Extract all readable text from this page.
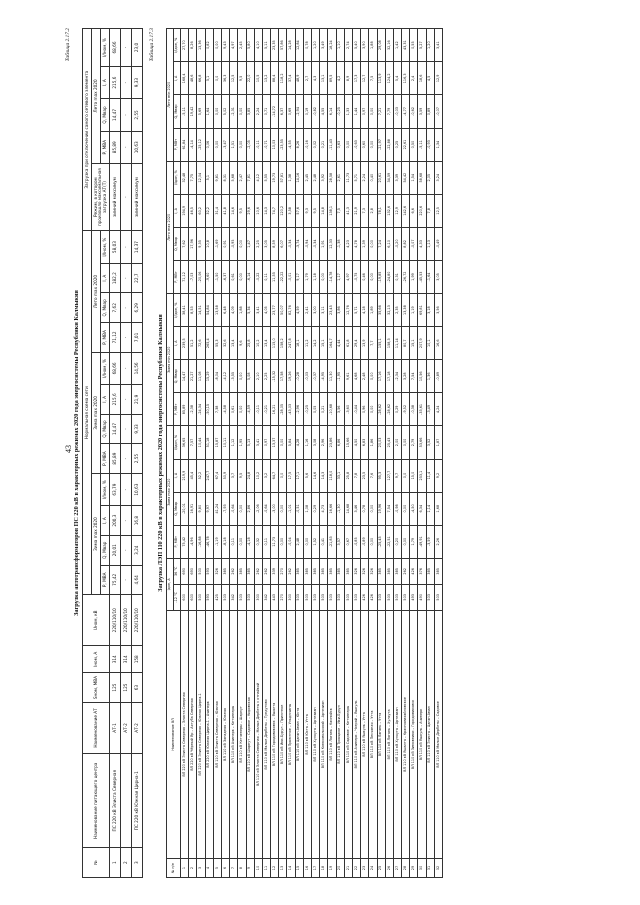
43
Таблица 2.17.2
Загрузка автотрансформаторов ПС 220 кВ в характерных режимах 2020 года энергосистемы Республики Калмыкия
№	Наименование питающего центра	Наименование АТ	Sном, МВА	Iном, А	Uном, кВ	Нормальная схема сети												Загрузка при отключении самого сетевого элемента				
						Зима max 2020				Зима max 2020				Лето max 2020				Режим, в котором произошло максимальная загрузка АТ(Т)	Лето max 2020			
						P, МВА	Q, Мвар	I, А	I/Iном, %	P, МВА	Q, Мвар	I, А	I/Iном, %	P, МВА	Q, Мвар	I, А	I/Iном, %		P, МВА	Q, Мвар	I, А	I/Iном, %
1	ПС 220 кВ Элиста Северная	АТ-1	125	314	220/110/10	75,42	20,01	200,3	63,79	85,89	14,47	215,6	68,66	71,12	7,62	182,2	58,03	зимний максимум	85,89	14,47	215,6	68,66
2		АТ-2	125	314	220/110/10	-	-	-	-	-	-	-	-	-	-	-	-	-	-	-	-	-
3	ПС 220 кВ Южная Цирна-1	АТ-2	63	158	220/110/10	4,64	3,24	16,8	10,63	2,55	9,33	21,9	14,56	7,01	6,29	22,7	14,37	зимний максимум	10,63	2,55	9,33	23,0 Таблица 2.17.3
Загрузка ЛЭП 110 220 кВ в характерных режимах 2020 года энергосистемы Республики Калмыкия
№ п/п	Наименование ВЛ	Iдоп, А		Зима max 2020				Зима min 2020				Лето max 2020				Лето min 2020			
		-12 °С	36 °С	P, МВт	Q, Мвар	I, А	I/Iдоп, %	P, МВт	Q, Мвар	I, А	I/Iдоп, %	P, МВт	Q, Мвар	I, А	I/Iдоп, %	P, МВт	Q, Мвар	I, А	I/Iдоп, %

1	ВЛ 220 кВ Элиста Северная – Элиста Северная	600	690	75,42	-20,01	219,9	36,65	85,89	14,47	239,5	38,41	71,12	7,62	194,9	32,48	61,84	-5,11	168,4	27,70
2	ВЛ 220 кВ Чёрный Яр – Ахтуба Северная	600	690	-4,96	16,91	45,4	7,57	-2,38	21,27	51,2	8,53	-7,03	17,96	46,5	7,75	-4,14	19,42	48,6	8,26
3	ВЛ 220 кВ Элиста Северная – Южная Цирна-1	500	500	-16,88	9,80	52,2	10,44	-24,34	11,08	72,6	14,51	-20,06	9,35	60,2	12,04	-25,12	5,69	66,8	13,36
4	ВЛ 220 кВ Южная Цирна-1 – Ачинерк	593	593	-46,78	9,97	247,7	51,18	-50,15	15,29	265,4	54,84	-9,60	10,8	32,2	5,1	0,06	1,64	5,1	0,82
5	ВЛ 110 кВ Элиста Северная – Южная	425	326	-1,19	41,24	67,4	15,87	7,38	-8,04	55,3	13,58	-1,50	-1,69	31,4	9,81	0,00	0,00	0,0	0,00
6	ВЛ 110 кВ Западная – Южная	503	385	-8,18	-7,93	50,9	10,11	-4,58	-4,12	32,6	6,48	-6,37	0,91	41,8	8,31	-3,47	5,02	36,3	9,43
7	ВЛ 110 кВ Ачинерк – Кетченеры	342	262	0,11	-0,64	3,7	1,12	0,61	-3,55	13,4	4,09	0,61	-0,95	14,6	5,68	1,51	-2,31	12,5	4,97
8	ВЛ 110 кВ Кетченеры – Шарнут	503	385	0,00	0,00	9,5	1,95	0,00	0,00	9,6	1,88	0,00	0,00	9,5	2,47	0,00	0,00	9,5	2,45
9	ВЛ 110 кВ Шарнут – Садовое – Кировская	503	385	-4,18	2,86	24,8	5,13	-4,59	5,08	25,8	5,34	-6,14	1,47	29,6	7,81	-2,05	3,85	22,0	5,80
10	ВЛ 110 кВ Элиста Северная – Малые Дербеты с отпайкой	300	262	0,32	-2,06	10,2	3,41	-0,11	2,10	10,2	3,41	-0,22	2,25	10,6	4,12	-0,11	2,24	10,5	4,10
11	ВЛ 110 кВ Малые Дербеты – Тундутово	342	262	0,11	-0,64	3,2	0,97	-0,21	2,25	13,4	4,05	0,11	3,05	14,3	5,55	-0,71	0,71	13,2	5,11
12	ВЛ 110 кВ Городовиковск – Яшалта	443	339	11,73	-3,00	64,7	13,37	16,21	-15,32	115,0	23,77	11,55	8,59	74,7	19,73	10,03	-14,72	88,4	23,35
13	ВЛ 110 кВ Ики-Бурул – Приютное	270	270	0,00	0,00	0,0	0,00	-28,05	17,58	158,2	50,07	-22,22	6,07	120,2	57,81	-23,55	6,37	118,2	57,86
14	ВЛ 110 кВ Приютное – Ульдючины	300	262	-0,04	-1,01	17,5	5,84	-43,03	19,26	247,8	82,76	-0,01	-0,34	3,58	1,38	-4,55	0,69	37,4	14,28
15	ВЛ 110 кВ Цаган Аман – Юста	503	385	2,48	-0,51	17,1	4,28	-2,96	-0,28	18,1	4,59	9,17	-3,74	57,6	14,16	8,26	-2,94	48,9	12,84
16	ВЛ 110 кВ Юста – Утта	503	385	0,00	1,08	5,6	1,16	-0,25	-0,03	11,2	2,41	1,79	-0,94	9,3	2,45	-0,16	0,19	2,7	0,78
17	ВЛ 110 кВ Хулхута – Артезиан	503	385	1,52	0,29	14,6	3,08	0,05	-0,37	14,2	3,00	1,18	-0,34	9,5	2,48	0,02	-0,82	4,3	1,20
18	ВЛ 110 кВ Комсомольский – Артезиан	503	385	0,41	4,73	14,3	2,96	0,21	-4,95	15,1	3,11	0,00	1,91	14,8	3,92	0,21	4,55	13,1	3,49
19	ВЛ 110 кВ Лагань – Каспийск	503	385	-21,83	16,66	118,0	23,86	-10,68	11,30	164,7	23,45	-14,78	12,33	138,1	28,58	-11,43	6,14	89,5	18,24
20	ВЛ 110 кВ Троицкое – Ики-Бурул	503	385	3,57	-1,30	33,1	6,86	3,56	-1,95	4,44	3,86	1,17	-1,38	7,5	2,61	0,63	-0,25	4,2	1,10
21	ВЛ 110 кВ Садовое – Кетченеры	503	385	0,67	14,68	25,8	15,66	-3,60	9,61	61,8	12,76	4,97	4,23	41,3	11,73	0,00	1,33	8,9	2,74
22	ВЛ 110 кВ Ачинерк – Чограй – Яшкуль	503	326	-0,85	3,46	7,8	4,50	-0,44	4,68	29,4	5,71	-0,75	4,78	21,9	5,71	-0,63	1,44	17,3	5,40
23	ВЛ 110 кВ Яшкуль – Утта	426	326	-0,89	0,78	23,5	6,83	0,96	2,48	13,9	4,18	0,46	1,39	7,3	2,24	0,60	0,97	12,7	3,90
24	ВЛ 110 кВ Песчаная – Утта	426	326	0,00	0,00	7,6	1,86	0,00	0,00	7,7	1,89	0,00	0,00	2,8	0,40	0,00	0,00	7,5	1,88
25	ВЛ 110 кВ Лагань – Утта	503	385	-25,45	19,96	95,3	20,03	-28,62	17,16	155,1	35,66	-19,85	7,24	78,1	20,61	-21,97	7,21	113,9	29,08
26	ВЛ 110 кВ Лагань – Хулхута	503	385	-22,51	7,54	127,7	25,43	-28,62	17,18	158,3	32,13	-24,80	6,10	132,6	34,59	-22,88	7,79	124,2	32,16
27	ВЛ 110 кВ Хулхута – Артезиан	503	385	0,20	-0,98	9,7	2,00	0,29	-2,34	11,14	2,35	0,31	-0,20	12,9	3,39	0,25	-0,03	5,4	1,42
28	ВЛ 110 кВ Яшалта – Красномихайловское	503	262	0,00	0,00	0,0	0,00	-9,52	3,28	80,7	13,38	-26,72	8,82	142,6	54,42	22,61	-4,77	116,3	43,31
29	ВЛ 110 кВ Зимовники – Городовиковск	493	426	1,79	-4,50	15,0	2,79	-0,38	7,54	15,1	1,19	1,99	-0,07	6,6	1,54	0,50	-0,62	2,4	0,55
30	ВЛ 110 кВ Яшкуль – Ачинерк	490	376	-49,91	6,34	253,1	53,66	-33,61	10,56	207,9	69,81	-45,53	4,33	220,6	58,68	-5,11	3,59	18,6	5,27
31	ВЛ 110 кВ Элиста – Цаган Аман	503	385	-3,59	1,14	11,4	3,52	-3,49	1,36	10,1	3,18	-1,64	1,13	7,8	2,05	-0,93	0,89	4,5	1,20
32	ВЛ 110 кВ Малые Дербеты – Садовое	503	385	2,26	1,68	9,2	1,87	4,24	-0,89	16,6	3,56	3,05	-0,49	12,5	3,24	1,34	-0,07	12,9	3,41
